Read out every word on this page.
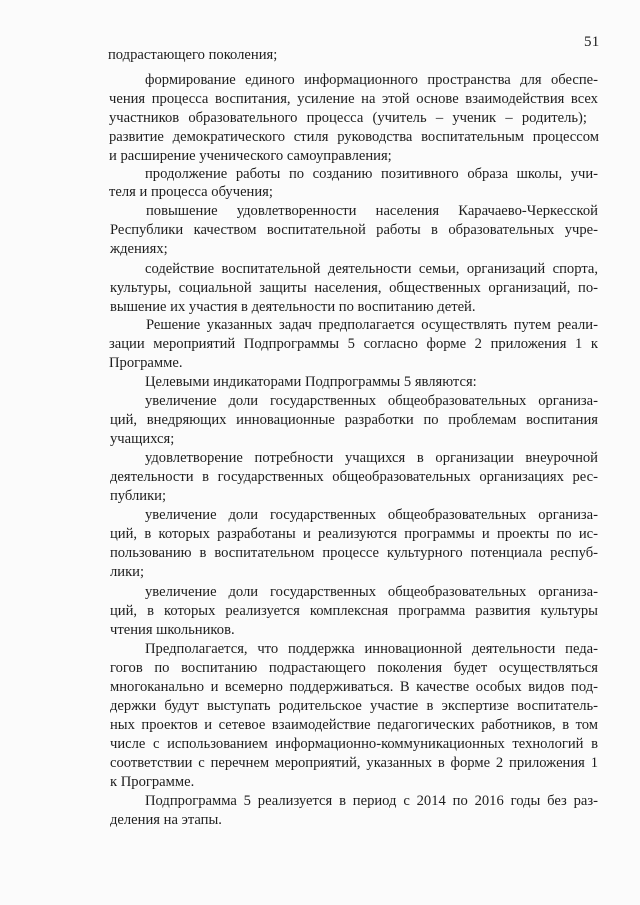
51
подрастающего поколения;
формирование единого информационного пространства для обеспе-
чения процесса воспитания, усиление на этой основе взаимодействия всех
участников образовательного процесса (учитель – ученик – родитель);
развитие демократического стиля руководства воспитательным процессом
и расширение ученического самоуправления;
продолжение работы по созданию позитивного образа школы, учи-
теля и процесса обучения;
повышение удовлетворенности населения Карачаево-Черкесской
Республики качеством воспитательной работы в образовательных учре-
ждениях;
содействие воспитательной деятельности семьи, организаций спорта,
культуры, социальной защиты населения, общественных организаций, по-
вышение их участия в деятельности по воспитанию детей.
Решение указанных задач предполагается осуществлять путем реали-
зации мероприятий Подпрограммы 5 согласно форме 2 приложения 1 к
Программе.
Целевыми индикаторами Подпрограммы 5 являются:
увеличение доли государственных общеобразовательных организа-
ций, внедряющих инновационные разработки по проблемам воспитания
учащихся;
удовлетворение потребности учащихся в организации внеурочной
деятельности в государственных общеобразовательных организациях рес-
публики;
увеличение доли государственных общеобразовательных организа-
ций, в которых разработаны и реализуются программы и проекты по ис-
пользованию в воспитательном процессе культурного потенциала респуб-
лики;
увеличение доли государственных общеобразовательных организа-
ций, в которых реализуется комплексная программа развития культуры
чтения школьников.
Предполагается, что поддержка инновационной деятельности педа-
гогов по воспитанию подрастающего поколения будет осуществляться
многоканально и всемерно поддерживаться. В качестве особых видов под-
держки будут выступать родительское участие в экспертизе воспитатель-
ных проектов и сетевое взаимодействие педагогических работников, в том
числе с использованием информационно-коммуникационных технологий в
соответствии с перечнем мероприятий, указанных в форме 2 приложения 1
к Программе.
Подпрограмма 5 реализуется в период с 2014 по 2016 годы без раз-
деления на этапы.
